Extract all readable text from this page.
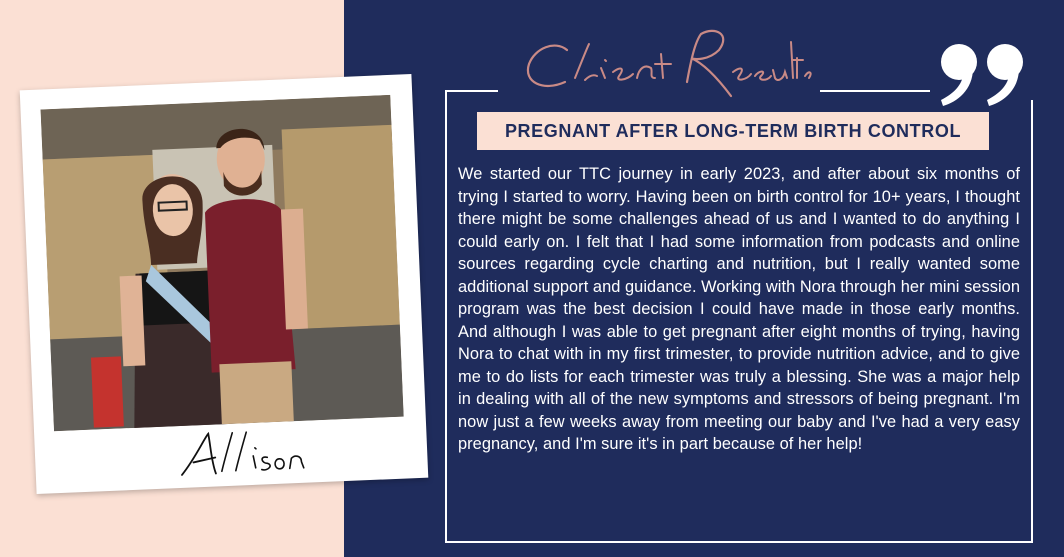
PREGNANT AFTER LONG-TERM BIRTH CONTROL
We started our TTC journey in early 2023, and after about six months of trying I started to worry. Having been on birth control for 10+ years, I thought there might be some challenges ahead of us and I wanted to do anything I could early on. I felt that I had some information from podcasts and online sources regarding cycle charting and nutrition, but I really wanted some additional support and guidance. Working with Nora through her mini session program was the best decision I could have made in those early months. And although I was able to get pregnant after eight months of trying, having Nora to chat with in my first trimester, to provide nutrition advice, and to give me to do lists for each trimester was truly a blessing. She was a major help in dealing with all of the new symptoms and stressors of being pregnant. I'm now just a few weeks away from meeting our baby and I've had a very easy pregnancy, and I'm sure it's in part because of her help!
